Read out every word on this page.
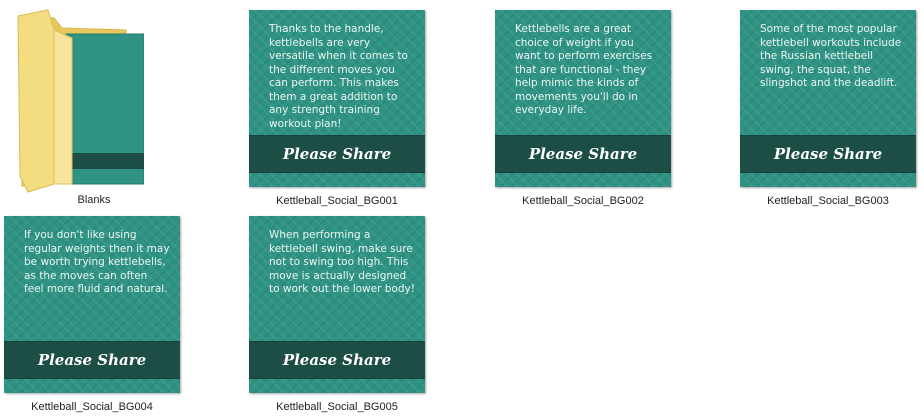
Blanks
Thanks to the handle, kettlebells are very versatile when it comes to the different moves you can perform. This makes them a great addition to any strength training workout plan!
Please Share
Kettleball_Social_BG001
Kettlebells are a great choice of weight if you want to perform exercises that are functional - they help mimic the kinds of movements you'll do in everyday life.
Please Share
Kettleball_Social_BG002
Some of the most popular kettlebell workouts include the Russian kettlebell swing, the squat, the slingshot and the deadlift.
Please Share
Kettleball_Social_BG003
If you don't like using regular weights then it may be worth trying kettlebells, as the moves can often feel more fluid and natural.
Please Share
Kettleball_Social_BG004
When performing a kettlebell swing, make sure not to swing too high. This move is actually designed to work out the lower body!
Please Share
Kettleball_Social_BG005
